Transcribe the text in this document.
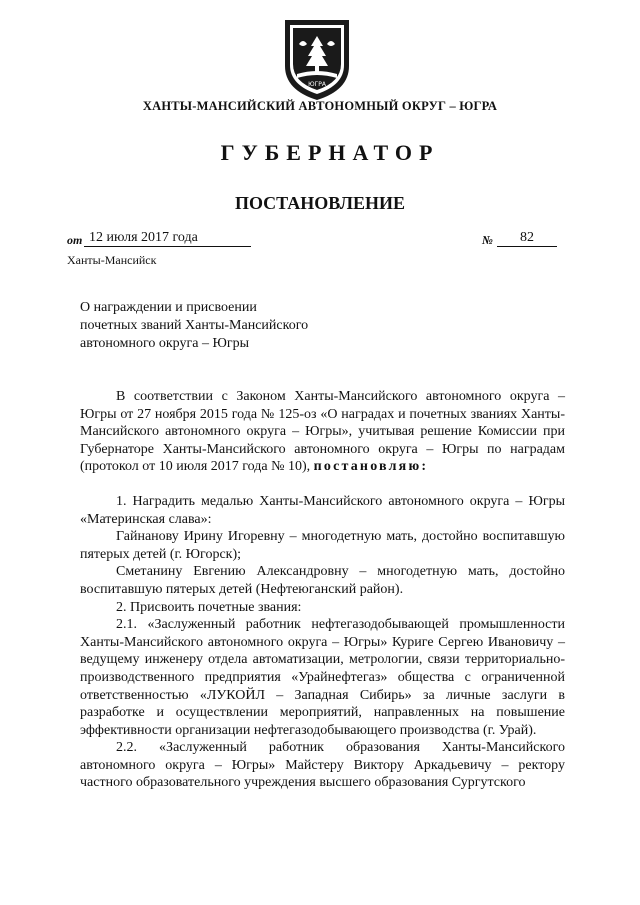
ЮГРА
ХАНТЫ-МАНСИЙСКИЙ АВТОНОМНЫЙ ОКРУГ – ЮГРА
ГУБЕРНАТОР
ПОСТАНОВЛЕНИЕ
от 12 июля 2017 года	№	82
Ханты-Мансийск
О награждении и присвоении
почетных званий Ханты-Мансийского
автономного округа – Югры

В соответствии с Законом Ханты-Мансийского автономного округа – Югры от 27 ноября 2015 года № 125-оз «О наградах и почетных званиях Ханты-Мансийского автономного округа – Югры», учитывая решение Комиссии при Губернаторе Ханты-Мансийского автономного округа – Югры по наградам (протокол от 10 июля 2017 года № 10), постановляю:

1. Наградить медалью Ханты-Мансийского автономного округа – Югры «Материнская слава»:

Гайнанову Ирину Игоревну – многодетную мать, достойно воспитавшую пятерых детей (г. Югорск);

Сметанину Евгению Александровну – многодетную мать, достойно воспитавшую пятерых детей (Нефтеюганский район).

2. Присвоить почетные звания:

2.1. «Заслуженный работник нефтегазодобывающей промышленности Ханты-Мансийского автономного округа – Югры» Куриге Сергею Ивановичу – ведущему инженеру отдела автоматизации, метрологии, связи территориально-производственного предприятия «Урайнефтегаз» общества с ограниченной ответственностью «ЛУКОЙЛ – Западная Сибирь» за личные заслуги в разработке и осуществлении мероприятий, направленных на повышение эффективности организации нефтегазодобывающего производства (г. Урай).

2.2. «Заслуженный работник образования Ханты-Мансийского автономного округа – Югры» Майстеру Виктору Аркадьевичу – ректору частного образовательного учреждения высшего образования Сургутского
